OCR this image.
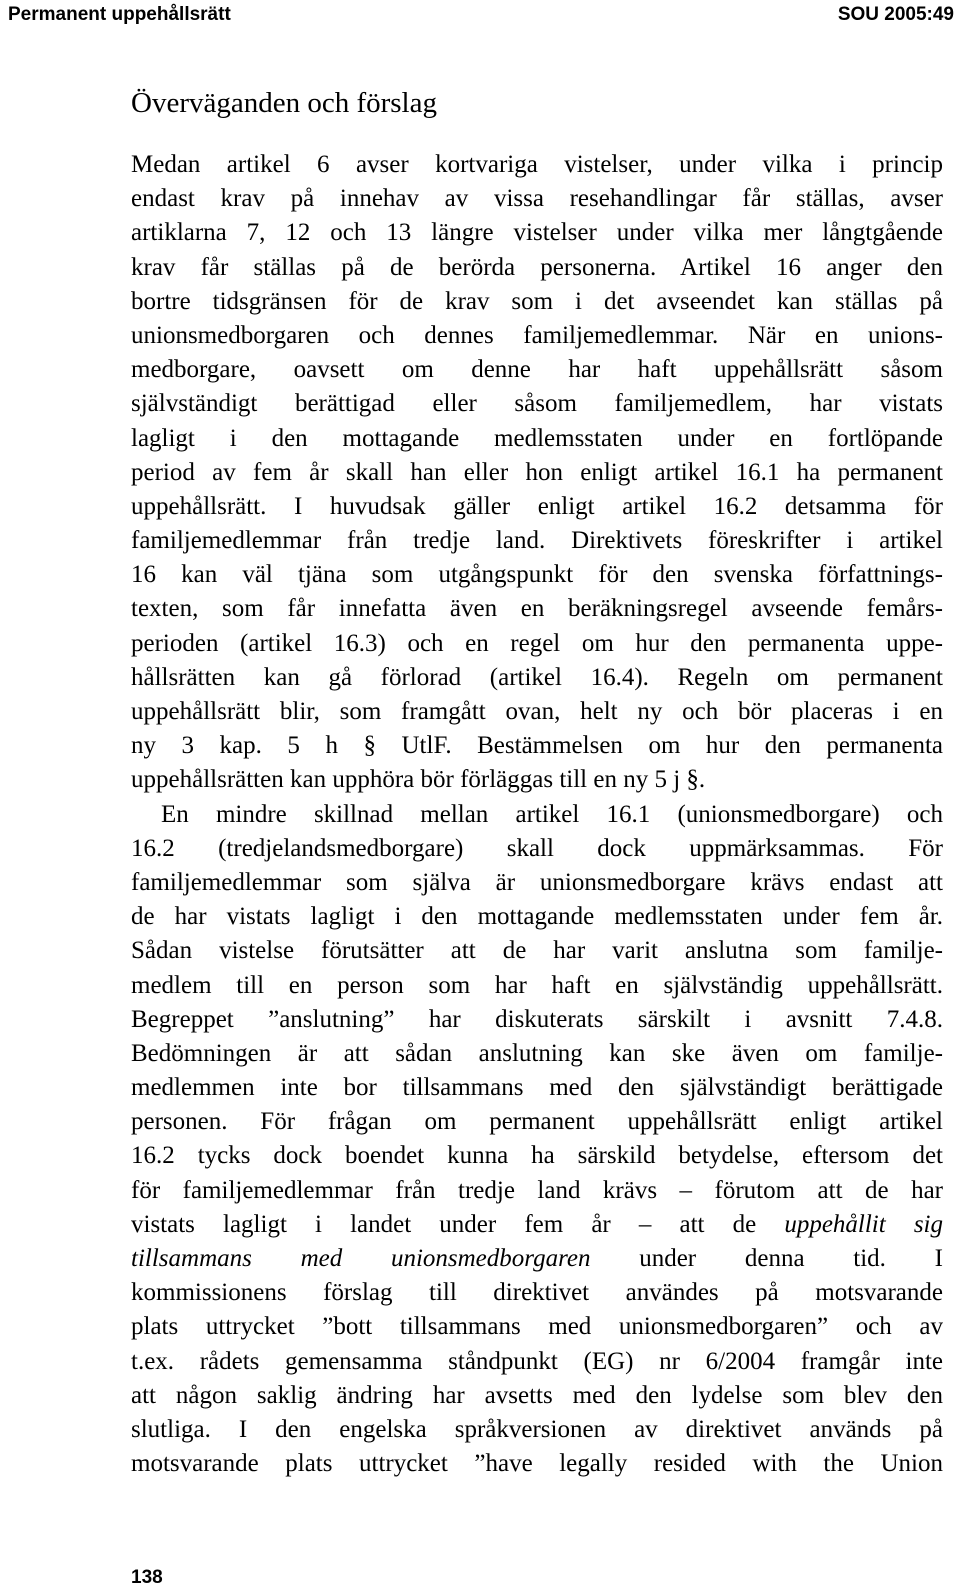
Permanent uppehållsrätt	SOU 2005:49
Överväganden och förslag
Medan artikel 6 avser kortvariga vistelser, under vilka i princip
endast krav på innehav av vissa resehandlingar får ställas, avser
artiklarna 7, 12 och 13 längre vistelser under vilka mer långtgående
krav får ställas på de berörda personerna. Artikel 16 anger den
bortre tidsgränsen för de krav som i det avseendet kan ställas på
unionsmedborgaren och dennes familjemedlemmar. När en unions-
medborgare, oavsett om denne har haft uppehållsrätt såsom
självständigt berättigad eller såsom familjemedlem, har vistats
lagligt i den mottagande medlemsstaten under en fortlöpande
period av fem år skall han eller hon enligt artikel 16.1 ha permanent
uppehållsrätt. I huvudsak gäller enligt artikel 16.2 detsamma för
familjemedlemmar från tredje land. Direktivets föreskrifter i artikel
16 kan väl tjäna som utgångspunkt för den svenska författnings-
texten, som får innefatta även en beräkningsregel avseende femårs-
perioden (artikel 16.3) och en regel om hur den permanenta uppe-
hållsrätten kan gå förlorad (artikel 16.4). Regeln om permanent
uppehållsrätt blir, som framgått ovan, helt ny och bör placeras i en
ny 3 kap. 5 h § UtlF. Bestämmelsen om hur den permanenta
uppehållsrätten kan upphöra bör förläggas till en ny 5 j §.
En mindre skillnad mellan artikel 16.1 (unionsmedborgare) och
16.2 (tredjelandsmedborgare) skall dock uppmärksammas. För
familjemedlemmar som själva är unionsmedborgare krävs endast att
de har vistats lagligt i den mottagande medlemsstaten under fem år.
Sådan vistelse förutsätter att de har varit anslutna som familje-
medlem till en person som har haft en självständig uppehållsrätt.
Begreppet ”anslutning” har diskuterats särskilt i avsnitt 7.4.8.
Bedömningen är att sådan anslutning kan ske även om familje-
medlemmen inte bor tillsammans med den självständigt berättigade
personen. För frågan om permanent uppehållsrätt enligt artikel
16.2 tycks dock boendet kunna ha särskild betydelse, eftersom det
för familjemedlemmar från tredje land krävs – förutom att de har
vistats lagligt i landet under fem år – att de uppehållit sig
tillsammans med unionsmedborgaren under denna tid. I
kommissionens förslag till direktivet användes på motsvarande
plats uttrycket ”bott tillsammans med unionsmedborgaren” och av
t.ex. rådets gemensamma ståndpunkt (EG) nr 6/2004 framgår inte
att någon saklig ändring har avsetts med den lydelse som blev den
slutliga. I den engelska språkversionen av direktivet används på
motsvarande plats uttrycket ”have legally resided with the Union
138
